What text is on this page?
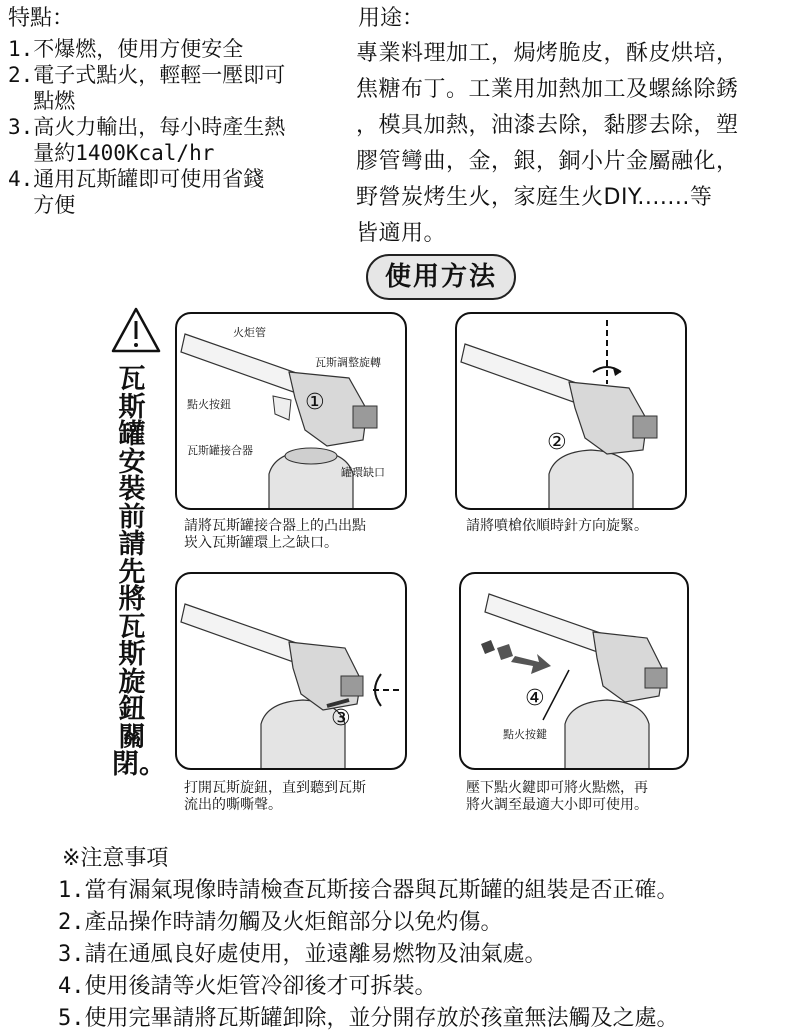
特點：
1.不爆燃，使用方便安全
2.電子式點火，輕輕一壓即可
點燃
3.高火力輸出，每小時產生熱
量約1400Kcal/hr
4.通用瓦斯罐即可使用省錢
方便
用途：
專業料理加工，焗烤脆皮，酥皮烘培，
焦糖布丁。工業用加熱加工及螺絲除銹
，模具加熱，油漆去除，黏膠去除，塑
膠管彎曲，金，銀，銅小片金屬融化，
野營炭烤生火，家庭生火DIY.......等
皆適用。
使用方法
瓦斯罐安裝前請先將瓦斯旋鈕關閉。
火炬管
瓦斯調整旋轉
點火按鈕
瓦斯罐接合器
罐環缺口
①
請將瓦斯罐接合器上的凸出點
崁入瓦斯罐環上之缺口。
②
請將噴槍依順時針方向旋緊。
③
打開瓦斯旋鈕，直到聽到瓦斯
流出的嘶嘶聲。
④
點火按鍵
壓下點火鍵即可將火點燃，再
將火調至最適大小即可使用。
※注意事項
1.當有漏氣現像時請檢查瓦斯接合器與瓦斯罐的組裝是否正確。
2.產品操作時請勿觸及火炬館部分以免灼傷。
3.請在通風良好處使用，並遠離易燃物及油氣處。
4.使用後請等火炬管冷卻後才可拆裝。
5.使用完畢請將瓦斯罐卸除，並分開存放於孩童無法觸及之處。
